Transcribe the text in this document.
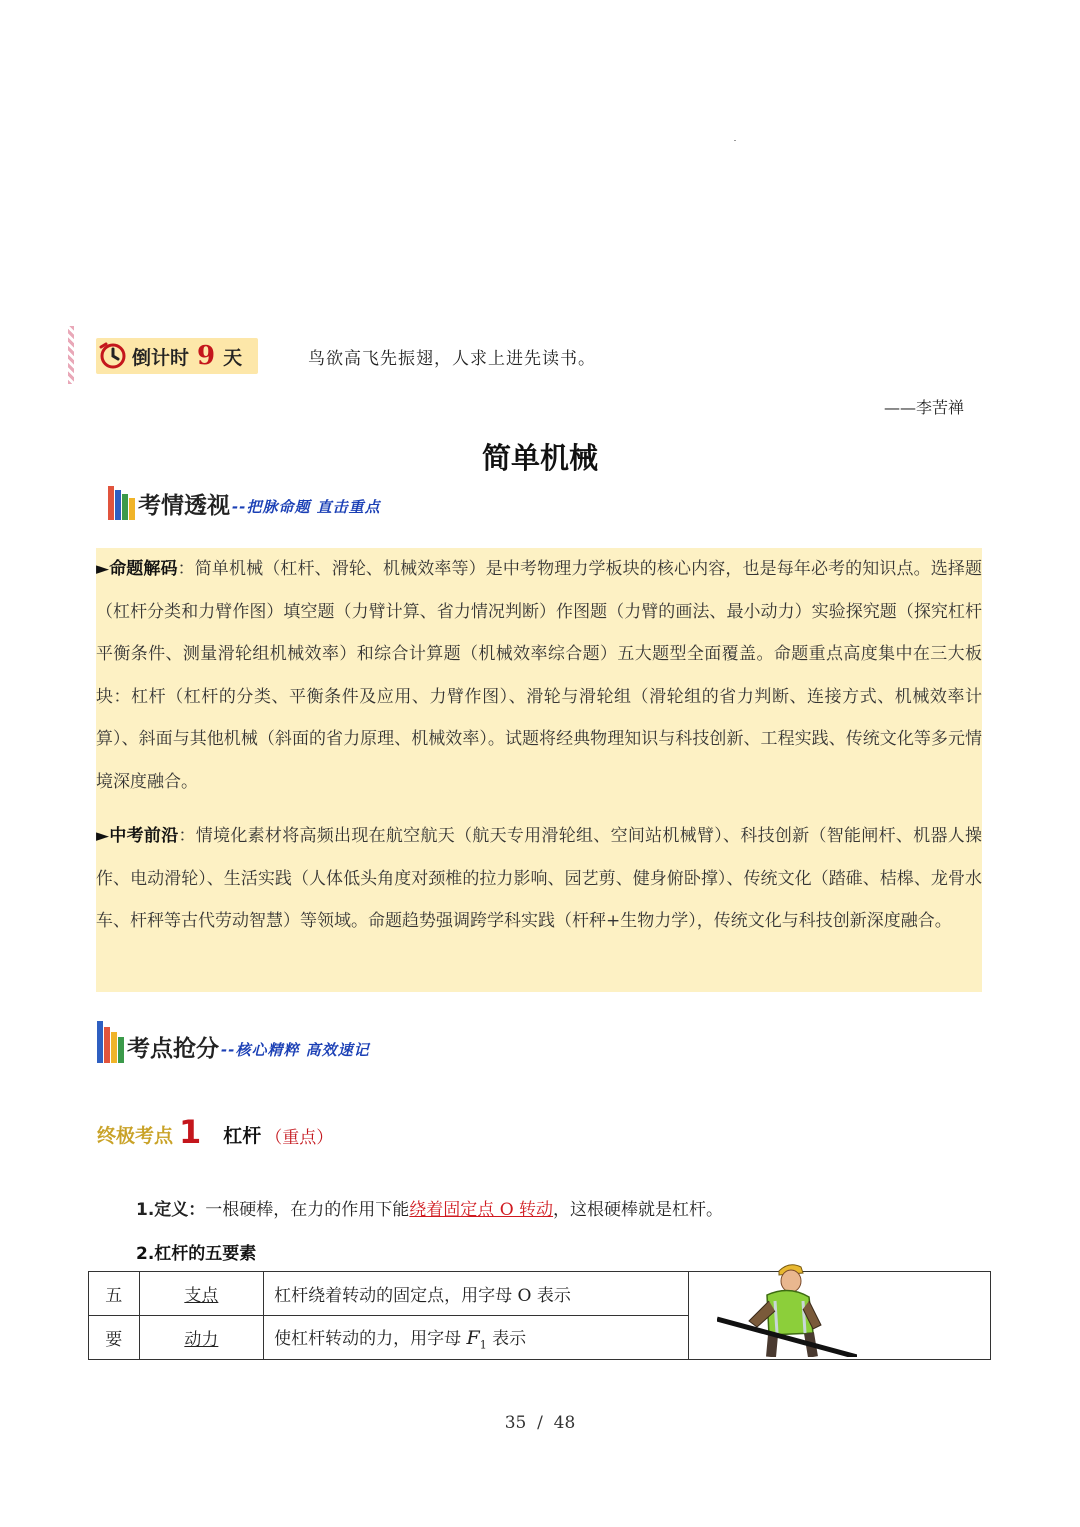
倒计时 9 天	鸟欲高飞先振翅，人求上进先读书。
——李苦禅
简单机械
考情透视 --把脉命题 直击重点
►命题解码：简单机械（杠杆、滑轮、机械效率等）是中考物理力学板块的核心内容，也是每年必考的知识点。选择题（杠杆分类和力臂作图）填空题（力臂计算、省力情况判断）作图题（力臂的画法、最小动力）实验探究题（探究杠杆平衡条件、测量滑轮组机械效率）和综合计算题（机械效率综合题）五大题型全面覆盖。命题重点高度集中在三大板块：杠杆（杠杆的分类、平衡条件及应用、力臂作图）、滑轮与滑轮组（滑轮组的省力判断、连接方式、机械效率计算）、斜面与其他机械（斜面的省力原理、机械效率）。试题将经典物理知识与科技创新、工程实践、传统文化等多元情境深度融合。
►中考前沿：情境化素材将高频出现在航空航天（航天专用滑轮组、空间站机械臂）、科技创新（智能闸杆、机器人操作、电动滑轮）、生活实践（人体低头角度对颈椎的拉力影响、园艺剪、健身俯卧撑）、传统文化（踏碓、桔槔、龙骨水车、杆秤等古代劳动智慧）等领域。命题趋势强调跨学科实践（杆秤+生物力学），传统文化与科技创新深度融合。
考点抢分 --核心精粹 高效速记
终极考点 1 杠杆 （重点）
1.定义：一根硬棒，在力的作用下能绕着固定点 O 转动，这根硬棒就是杠杆。
2.杠杆的五要素
五	支点	杠杆绕着转动的固定点，用字母 O 表示	

要	动力	使杠杆转动的力，用字母 $F_1$ 表示	
35  /  48
